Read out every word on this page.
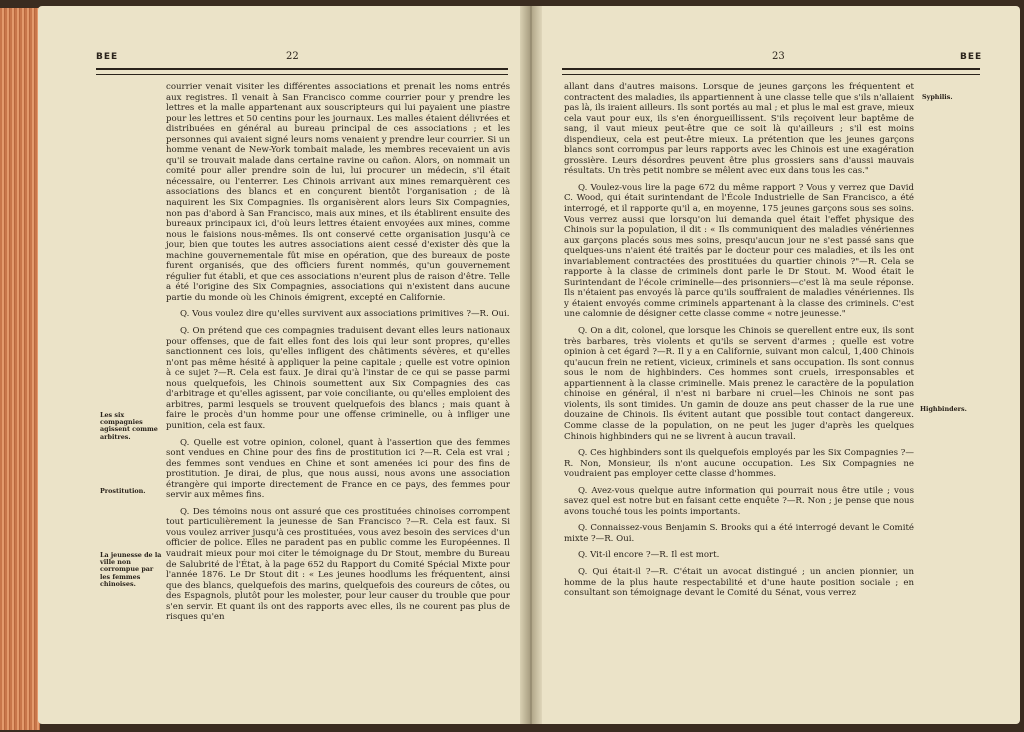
BEE	22
Les six compagnies agissent comme arbitres.
Prostitution.
La jeunesse de la ville non corrompue par les femmes chinoises.

courrier venait visiter les différentes associations et prenait les noms entrés aux registres. Il venait à San Francisco comme courrier pour y prendre les lettres et la malle appartenant aux souscripteurs qui lui payaient une piastre pour les lettres et 50 centins pour les journaux. Les malles étaient délivrées et distribuées en général au bureau principal de ces associations ; et les personnes qui avaient signé leurs noms venaient y prendre leur courrier. Si un homme venant de New-York tombait malade, les membres recevaient un avis qu'il se trouvait malade dans certaine ravine ou cañon. Alors, on nommait un comité pour aller prendre soin de lui, lui procurer un médecin, s'il était nécessaire, ou l'enterrer. Les Chinois arrivant aux mines remarquèrent ces associations des blancs et en conçurent bientôt l'organisation ; de là naquirent les Six Compagnies. Ils organisèrent alors leurs Six Compagnies, non pas d'abord à San Francisco, mais aux mines, et ils établirent ensuite des bureaux principaux ici, d'où leurs lettres étaient envoyées aux mines, comme nous le faisions nous-mêmes. Ils ont conservé cette organisation jusqu'à ce jour, bien que toutes les autres associations aient cessé d'exister dès que la machine gouvernementale fût mise en opération, que des bureaux de poste furent organisés, que des officiers furent nommés, qu'un gouvernement régulier fut établi, et que ces associations n'eurent plus de raison d'être. Telle a été l'origine des Six Compagnies, associations qui n'existent dans aucune partie du monde où les Chinois émigrent, excepté en Californie.

Q. Vous voulez dire qu'elles survivent aux associations primitives ?—R. Oui.

Q. On prétend que ces compagnies traduisent devant elles leurs nationaux pour offenses, que de fait elles font des lois qui leur sont propres, qu'elles sanctionnent ces lois, qu'elles infligent des châtiments sévères, et qu'elles n'ont pas même hésité à appliquer la peine capitale ; quelle est votre opinion à ce sujet ?—R. Cela est faux. Je dirai qu'à l'instar de ce qui se passe parmi nous quelquefois, les Chinois soumettent aux Six Compagnies des cas d'arbitrage et qu'elles agissent, par voie conciliante, ou qu'elles emploient des arbitres, parmi lesquels se trouvent quelquefois des blancs ; mais quant à faire le procès d'un homme pour une offense criminelle, ou à infliger une punition, cela est faux.

Q. Quelle est votre opinion, colonel, quant à l'assertion que des femmes sont vendues en Chine pour des fins de prostitution ici ?—R. Cela est vrai ; des femmes sont vendues en Chine et sont amenées ici pour des fins de prostitution. Je dirai, de plus, que nous aussi, nous avons une association étrangère qui importe directement de France en ce pays, des femmes pour servir aux mêmes fins.

Q. Des témoins nous ont assuré que ces prostituées chinoises corrompent tout particulièrement la jeunesse de San Francisco ?—R. Cela est faux. Si vous voulez arriver jusqu'à ces prostituées, vous avez besoin des services d'un officier de police. Elles ne paradent pas en public comme les Européennes. Il vaudrait mieux pour moi citer le témoignage du Dr Stout, membre du Bureau de Salubrité de l'État, à la page 652 du Rapport du Comité Spécial Mixte pour l'année 1876. Le Dr Stout dit : « Les jeunes hoodlums les fréquentent, ainsi que des blancs, quelquefois des marins, quelquefois des coureurs de côtes, ou des Espagnols, plutôt pour les molester, pour leur causer du trouble que pour s'en servir. Et quant ils ont des rapports avec elles, ils ne courent pas plus de risques qu'en

23	BEE
Syphilis.
Highbinders.

allant dans d'autres maisons. Lorsque de jeunes garçons les fréquentent et contractent des maladies, ils appartiennent à une classe telle que s'ils n'allaient pas là, ils iraient ailleurs. Ils sont portés au mal ; et plus le mal est grave, mieux cela vaut pour eux, ils s'en énorgueillissent. S'ils reçoivent leur baptême de sang, il vaut mieux peut-être que ce soit là qu'ailleurs ; s'il est moins dispendieux, cela est peut-être mieux. La prétention que les jeunes garçons blancs sont corrompus par leurs rapports avec les Chinois est une exagération grossière. Leurs désordres peuvent être plus grossiers sans d'aussi mauvais résultats. Un très petit nombre se mêlent avec eux dans tous les cas."

Q. Voulez-vous lire la page 672 du même rapport ? Vous y verrez que David C. Wood, qui était surintendant de l'École Industrielle de San Francisco, a été interrogé, et il rapporte qu'il a, en moyenne, 175 jeunes garçons sous ses soins. Vous verrez aussi que lorsqu'on lui demanda quel était l'effet physique des Chinois sur la population, il dit : « Ils communiquent des maladies vénériennes aux garçons placés sous mes soins, presqu'aucun jour ne s'est passé sans que quelques-uns n'aient été traités par le docteur pour ces maladies, et ils les ont invariablement contractées des prostituées du quartier chinois ?"—R. Cela se rapporte à la classe de criminels dont parle le Dr Stout. M. Wood était le Surintendant de l'école criminelle—des prisonniers—c'est là ma seule réponse. Ils n'étaient pas envoyés là parce qu'ils souffraient de maladies vénériennes. Ils y étaient envoyés comme criminels appartenant à la classe des criminels. C'est une calomnie de désigner cette classe comme « notre jeunesse."

Q. On a dit, colonel, que lorsque les Chinois se querellent entre eux, ils sont très barbares, très violents et qu'ils se servent d'armes ; quelle est votre opinion à cet égard ?—R. Il y a en Californie, suivant mon calcul, 1,400 Chinois qu'aucun frein ne retient, vicieux, criminels et sans occupation. Ils sont connus sous le nom de highbinders. Ces hommes sont cruels, irresponsables et appartiennent à la classe criminelle. Mais prenez le caractère de la population chinoise en général, il n'est ni barbare ni cruel—les Chinois ne sont pas violents, ils sont timides. Un gamin de douze ans peut chasser de la rue une douzaine de Chinois. Ils évitent autant que possible tout contact dangereux. Comme classe de la population, on ne peut les juger d'après les quelques Chinois highbinders qui ne se livrent à aucun travail.

Q. Ces highbinders sont ils quelquefois employés par les Six Compagnies ?—R. Non, Monsieur, ils n'ont aucune occupation. Les Six Compagnies ne voudraient pas employer cette classe d'hommes.

Q. Avez-vous quelque autre information qui pourrait nous être utile ; vous savez quel est notre but en faisant cette enquête ?—R. Non ; je pense que nous avons touché tous les points importants.

Q. Connaissez-vous Benjamin S. Brooks qui a été interrogé devant le Comité mixte ?—R. Oui.

Q. Vit-il encore ?—R. Il est mort.

Q. Qui était-il ?—R. C'était un avocat distingué ; un ancien pionnier, un homme de la plus haute respectabilité et d'une haute position sociale ; en consultant son témoignage devant le Comité du Sénat, vous verrez
